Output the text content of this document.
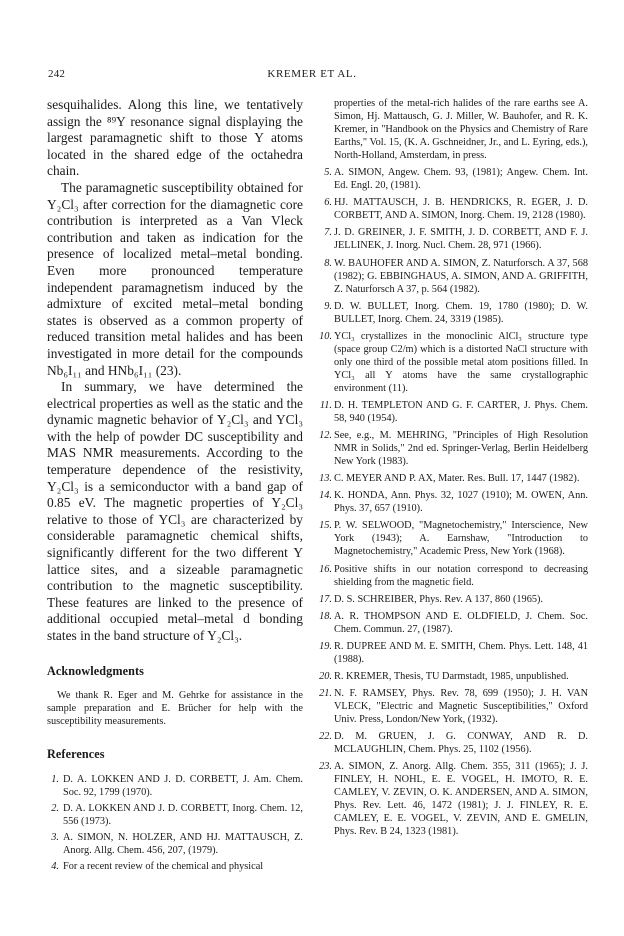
242	KREMER ET AL.

sesquihalides. Along this line, we tentatively assign the ⁸⁹Y resonance signal displaying the largest paramagnetic shift to those Y atoms located in the shared edge of the octahedra chain.

The paramagnetic susceptibility obtained for Y₂Cl₃ after correction for the diamagnetic core contribution is interpreted as a Van Vleck contribution and taken as indication for the presence of localized metal–metal bonding. Even more pronounced temperature independent paramagnetism induced by the admixture of excited metal–metal bonding states is observed as a common property of reduced transition metal halides and has been investigated in more detail for the compounds Nb₆I₁₁ and HNb₆I₁₁ (23).

In summary, we have determined the electrical properties as well as the static and the dynamic magnetic behavior of Y₂Cl₃ and YCl₃ with the help of powder DC susceptibility and MAS NMR measurements. According to the temperature dependence of the resistivity, Y₂Cl₃ is a semiconductor with a band gap of 0.85 eV. The magnetic properties of Y₂Cl₃ relative to those of YCl₃ are characterized by considerable paramagnetic chemical shifts, significantly different for the two different Y lattice sites, and a sizeable paramagnetic contribution to the magnetic susceptibility. These features are linked to the presence of additional occupied metal–metal d bonding states in the band structure of Y₂Cl₃.

Acknowledgments
We thank R. Eger and M. Gehrke for assistance in the sample preparation and E. Brücher for help with the susceptibility measurements.
References
1. D. A. LOKKEN AND J. D. CORBETT, J. Am. Chem. Soc. 92, 1799 (1970).
2. D. A. LOKKEN AND J. D. CORBETT, Inorg. Chem. 12, 556 (1973).
3. A. SIMON, N. HOLZER, AND HJ. MATTAUSCH, Z. Anorg. Allg. Chem. 456, 207, (1979).
4. For a recent review of the chemical and physical
properties of the metal-rich halides of the rare earths see A. Simon, Hj. Mattausch, G. J. Miller, W. Bauhofer, and R. K. Kremer, in "Handbook on the Physics and Chemistry of Rare Earths," Vol. 15, (K. A. Gschneidner, Jr., and L. Eyring, eds.), North-Holland, Amsterdam, in press.
5. A. SIMON, Angew. Chem. 93, (1981); Angew. Chem. Int. Ed. Engl. 20, (1981).
6. HJ. MATTAUSCH, J. B. HENDRICKS, R. EGER, J. D. CORBETT, AND A. SIMON, Inorg. Chem. 19, 2128 (1980).
7. J. D. GREINER, J. F. SMITH, J. D. CORBETT, AND F. J. JELLINEK, J. Inorg. Nucl. Chem. 28, 971 (1966).
8. W. BAUHOFER AND A. SIMON, Z. Naturforsch. A 37, 568 (1982); G. EBBINGHAUS, A. SIMON, AND A. GRIFFITH, Z. Naturforsch A 37, p. 564 (1982).
9. D. W. BULLET, Inorg. Chem. 19, 1780 (1980); D. W. BULLET, Inorg. Chem. 24, 3319 (1985).
10. YCl₃ crystallizes in the monoclinic AlCl₃ structure type (space group C2/m) which is a distorted NaCl structure with only one third of the possible metal atom positions filled. In YCl₃ all Y atoms have the same crystallographic environment (11).
11. D. H. TEMPLETON AND G. F. CARTER, J. Phys. Chem. 58, 940 (1954).
12. See, e.g., M. MEHRING, "Principles of High Resolution NMR in Solids," 2nd ed. Springer-Verlag, Berlin Heidelberg New York (1983).
13. C. MEYER AND P. AX, Mater. Res. Bull. 17, 1447 (1982).
14. K. HONDA, Ann. Phys. 32, 1027 (1910); M. OWEN, Ann. Phys. 37, 657 (1910).
15. P. W. SELWOOD, "Magnetochemistry," Interscience, New York (1943); A. Earnshaw, "Introduction to Magnetochemistry," Academic Press, New York (1968).
16. Positive shifts in our notation correspond to decreasing shielding from the magnetic field.
17. D. S. SCHREIBER, Phys. Rev. A 137, 860 (1965).
18. A. R. THOMPSON AND E. OLDFIELD, J. Chem. Soc. Chem. Commun. 27, (1987).
19. R. DUPREE AND M. E. SMITH, Chem. Phys. Lett. 148, 41 (1988).
20. R. KREMER, Thesis, TU Darmstadt, 1985, unpublished.
21. N. F. RAMSEY, Phys. Rev. 78, 699 (1950); J. H. VAN VLECK, "Electric and Magnetic Susceptibilities," Oxford Univ. Press, London/New York, (1932).
22. D. M. GRUEN, J. G. CONWAY, AND R. D. MCLAUGHLIN, Chem. Phys. 25, 1102 (1956).
23. A. SIMON, Z. Anorg. Allg. Chem. 355, 311 (1965); J. J. FINLEY, H. NOHL, E. E. VOGEL, H. IMOTO, R. E. CAMLEY, V. ZEVIN, O. K. ANDERSEN, AND A. SIMON, Phys. Rev. Lett. 46, 1472 (1981); J. J. FINLEY, R. E. CAMLEY, E. E. VOGEL, V. ZEVIN, AND E. GMELIN, Phys. Rev. B 24, 1323 (1981).
